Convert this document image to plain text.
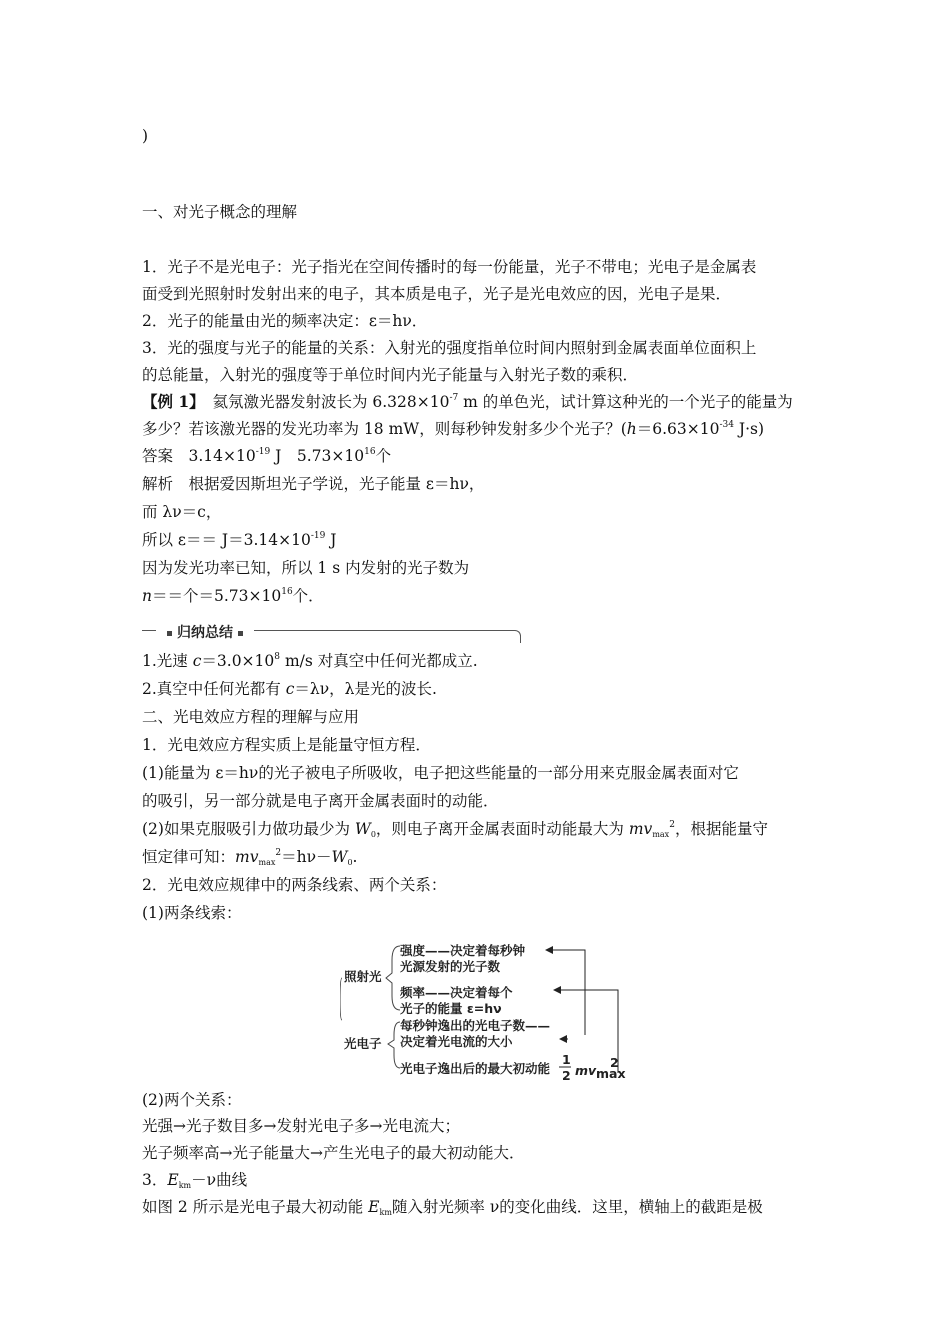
)
一、对光子概念的理解
1．光子不是光电子：光子指光在空间传播时的每一份能量，光子不带电；光电子是金属表
面受到光照射时发射出来的电子，其本质是电子，光子是光电效应的因，光电子是果．
2．光子的能量由光的频率决定：ε＝hν．
3．光的强度与光子的能量的关系：入射光的强度指单位时间内照射到金属表面单位面积上
的总能量，入射光的强度等于单位时间内光子能量与入射光子数的乘积．
【例 1】　 氦氖激光器发射波长为 $6.328\times 10^{-7}$ m 的单色光，试计算这种光的一个光子的能量为
多少？若该激光器的发光功率为 18 mW，则每秒钟发射多少个光子？($h=6.63\times 10^{-34}$ J·s)
答案　$3.14\times 10^{-19}$ J　$5.73\times 10^{16}$个
解析　根据爱因斯坦光子学说，光子能量 ε＝hν，
而 λν＝c，
所以 $\varepsilon== J=3.14\times 10^{-19}$ J
因为发光功率已知，所以 1 s 内发射的光子数为
n＝＝个$=5.73\times 10^{16}$个．
归纳总结
1.光速 $c=3.0\times 10^8$ m/s 对真空中任何光都成立.
2.真空中任何光都有 c＝λν，λ是光的波长.
二、光电效应方程的理解与应用
1．光电效应方程实质上是能量守恒方程．
(1)能量为 ε＝hν的光子被电子所吸收，电子把这些能量的一部分用来克服金属表面对它
的吸引，另一部分就是电子离开金属表面时的动能．
(2)如果克服吸引力做功最少为 $W_0$，则电子离开金属表面时动能最大为 $mv_{max}^2$，根据能量守
恒定律可知：$mv_{max}^2=h\nu-W_0$.
2．光电效应规律中的两条线索、两个关系：
(1)两条线索：
照射光
光电子
强度——决定着每秒钟
光源发射的光子数
频率——决定着每个
光子的能量 ε=hν
每秒钟逸出的光电子数——
决定着光电流的大小
光电子逸出后的最大初动能
1
2 mv max
2
(2)两个关系：
光强→光子数目多→发射光电子多→光电流大；
光子频率高→光子能量大→产生光电子的最大初动能大．
3．$E_{km}-\nu$曲线
如图 2 所示是光电子最大初动能 $E_{km}$随入射光频率 ν的变化曲线．这里，横轴上的截距是极
